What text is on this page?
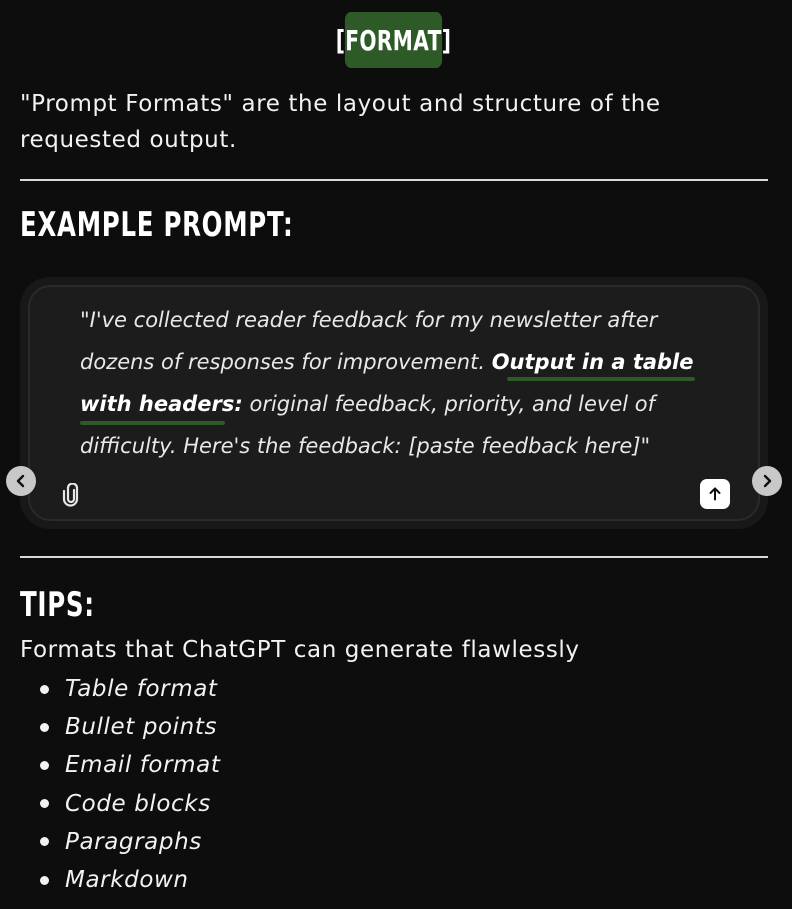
[FORMAT]
"Prompt Formats" are the layout and structure of the requested output.
EXAMPLE PROMPT:
"I've collected reader feedback for my newsletter after dozens of responses for improvement. Output in a table with headers: original feedback, priority, and level of difficulty. Here's the feedback: [paste feedback here]"
TIPS:
Formats that ChatGPT can generate flawlessly
Table format
Bullet points
Email format
Code blocks
Paragraphs
Markdown
